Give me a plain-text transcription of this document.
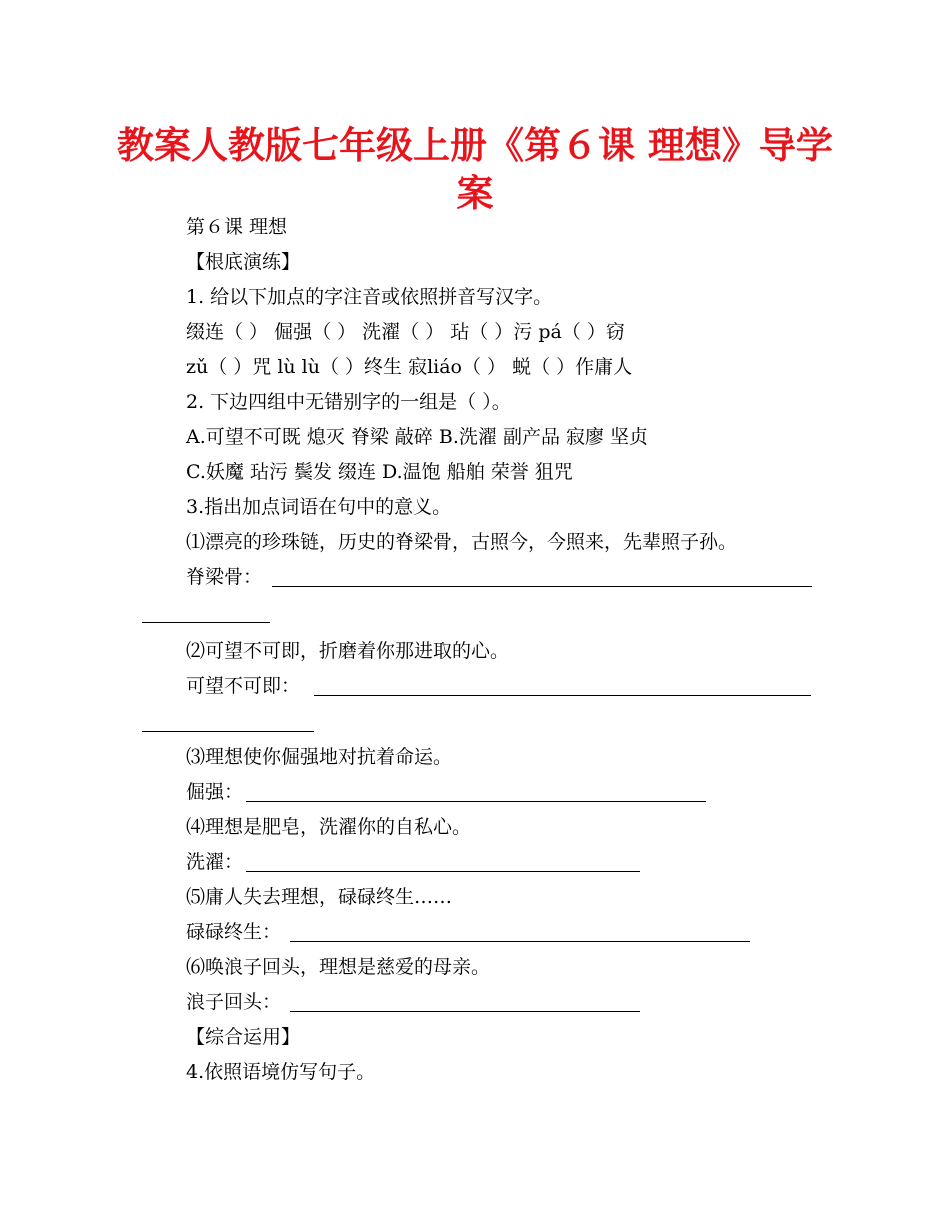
教案人教版七年级上册《第６课 理想》导学案
第６课 理想
【根底演练】
1. 给以下加点的字注音或依照拼音写汉字。
缀连（ ） 倔强（ ） 洗濯（ ） 玷（ ）污 pá（ ）窃
zǔ（ ）咒 lù lù（ ）终生 寂liáo（ ） 蜕（ ）作庸人
2. 下边四组中无错别字的一组是（ ）。
A.可望不可既 熄灭 脊梁 敲碎 B.洗濯 副产品 寂廖 坚贞
C.妖魔 玷污 鬓发 缀连 D.温饱 船舶 荣誉 狙咒
3.指出加点词语在句中的意义。
⑴漂亮的珍珠链，历史的脊梁骨，古照今，今照来，先辈照子孙。
脊梁骨：
⑵可望不可即，折磨着你那进取的心。
可望不可即：
⑶理想使你倔强地对抗着命运。
倔强：
⑷理想是肥皂，洗濯你的自私心。
洗濯：
⑸庸人失去理想，碌碌终生……
碌碌终生：
⑹唤浪子回头，理想是慈爱的母亲。
浪子回头：
【综合运用】
4.依照语境仿写句子。
